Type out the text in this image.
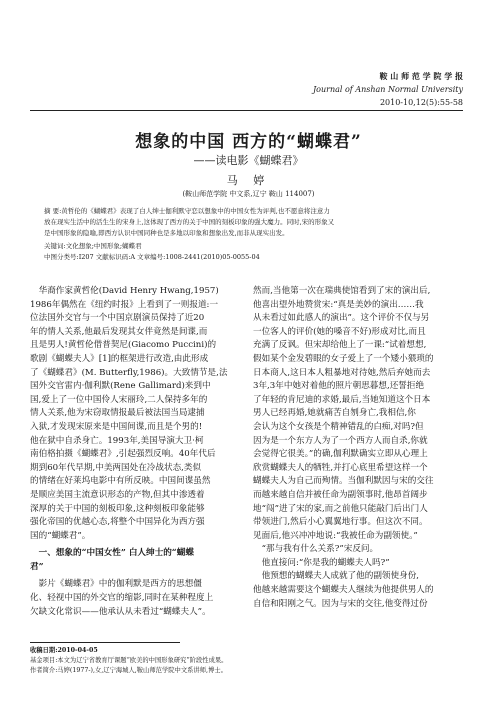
鞍 山 师 范 学 院 学 报
Journal of Anshan Normal University
2010-10,12(5):55-58
想象的中国 西方的“蝴蝶君”
——读电影《蝴蝶君》
马 婷
(鞍山师范学院 中文系,辽宁 鞍山 114007)
摘 要:黄哲伦的《蝴蝶君》表现了白人绅士伽利默守恋以想象中的中国女性为评判,也不愿意将注意力
放在现实生活中的活生生的宋身上,这体现了西方的关于中国的刻板印象的强大魔力。同时,宋的形象又
是中国形象的隐喻,即西方认识中国同种也是多地以印象和想象出发,而非从现实出发。
关键词:文化想象;中国形象;蝴蝶君
中图分类号:I207 文献标识码:A 文章编号:1008-2441(2010)05-0055-04

华裔作家黄哲伦(David Henry Hwang,1957)

1986年偶然在《纽约时报》上看到了一则报道:一

位法国外交官与一个中国京剧演员保持了近20

年的情人关系,他最后发现其女伴竟然是间谍,而

且是男人!黄哲伦借普契尼(Giacomo Puccini)的

歌剧《蝴蝶夫人》[1]的框架进行改造,由此形成

了《蝴蝶君》(M. Butterfly,1986)。大致情节是,法

国外交官雷内·伽利默(Rene Gallimard)来到中

国,爱上了一位中国伶人宋丽玲,二人保持多年的

情人关系,他为宋窃取情报最后被法国当局逮捕

入狱,才发现宋原来是中国间谍,而且是个男的!

他在狱中自杀身亡。1993年,美国导演大卫·柯

南伯格拍摄《蝴蝶君》,引起强烈反响。40年代后

期到60年代早期,中美两国处在冷战状态,类似

的情绪在好莱坞电影中有所反映。中国间谍虽然

是顺应美国主流意识形态的产物,但其中渗透着

深厚的关于中国的刻板印象,这种刻板印象能够

强化帝国的优越心态,将整个中国异化为西方强

国的“蝴蝶君”。

一、想象的“中国女性” 白人绅士的“蝴蝶

君”

影片《蝴蝶君》中的伽利默是西方的思想僵

化、轻视中国的外交官的缩影,同时在某种程度上

欠缺文化常识——他承认从未看过“蝴蝶夫人”。

然而,当他第一次在瑞典使馆看到了宋的演出后,

他喜出望外地赞赏宋:“真是美妙的演出……我

从未看过如此感人的演出”。这个评价不仅与另

一位客人的评价(她的嗓音不好)形成对比,而且

充满了反讽。但宋却给他上了一课:“试着想想,

假如某个金发碧眼的女子爱上了一个矮小猥琐的

日本商人,这日本人粗暴地对待她,然后弃她而去

3年,3年中她对着他的照片朝思暮想,还誓拒绝

了年轻的肯尼迪的求婚,最后,当她知道这个日本

男人已经再婚,她就痛苦自刎身亡,我相信,你

会认为这个女孩是个精神错乱的白痴,对吗?但

因为是一个东方人为了一个西方人而自杀,你就

会觉得它很美。”的确,伽利默确实立即从心理上

欣赏蝴蝶夫人的牺牲,并打心底里希望这样一个

蝴蝶夫人为自己而殉情。当伽利默因与宋的交往

而越来越自信并被任命为副领事时,他昂首阔步

地“闯”进了宋的家,而之前他只能敲门后出门人

带领进门,然后小心翼翼地行事。但这次不同。

见面后,他兴冲冲地说:“我被任命为副领使。”

“那与我有什么关系?”宋反问。

他直接问:“你是我的蝴蝶夫人吗?”

他预想的蝴蝶夫人成就了他的副领使身份,

他越来越需要这个蝴蝶夫人继续为他提供男人的

自信和阳刚之气。因为与宋的交往,他变得过份

收稿日期:2010-04-05
基金项目:本文为辽宁省教育厅课题“欧美的中国形象研究”阶段性成果。
作者简介:马婷(1977-),女,辽宁海城人,鞍山师范学院中文系讲师,博士。
